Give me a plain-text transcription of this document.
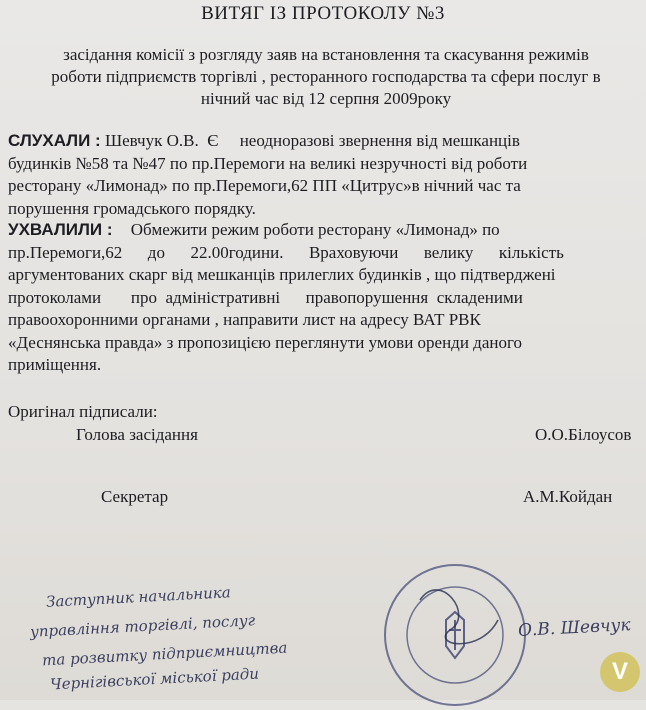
ВИТЯГ ІЗ ПРОТОКОЛУ №3
засідання комісії з розгляду заяв на встановлення та скасування режимів
роботи підприємств торгівлі , ресторанного господарства та сфери послуг в
нічний час від 12 серпня 2009року
СЛУХАЛИ : Шевчук О.В.  Є     неодноразові звернення від мешканців
будинків №58 та №47 по пр.Перемоги на великі незручності від роботи
ресторану «Лимонад» по пр.Перемоги,62 ПП «Цитрус»в нічний час та
порушення громадського порядку.
УХВАЛИЛИ : Обмежити режим роботи ресторану «Лимонад» по
пр.Перемоги,62      до      22.00години.      Враховуючи      велику      кількість
аргументованих скарг від мешканців прилеглих будинків , що підтверджені
протоколами       про  адміністративні      правопорушення  складеними
правоохоронними органами , направити лист на адресу ВАТ РВК
«Деснянська правда» з пропозицією переглянути умови оренди даного
приміщення.
Оригінал підписали:
Голова засідання	О.О.Білоусов
Секретар	А.М.Койдан
Заступник начальника
управління торгівлі, послуг
та розвитку підприємництва
Чернігівської міської ради
О.В. Шевчук
V
